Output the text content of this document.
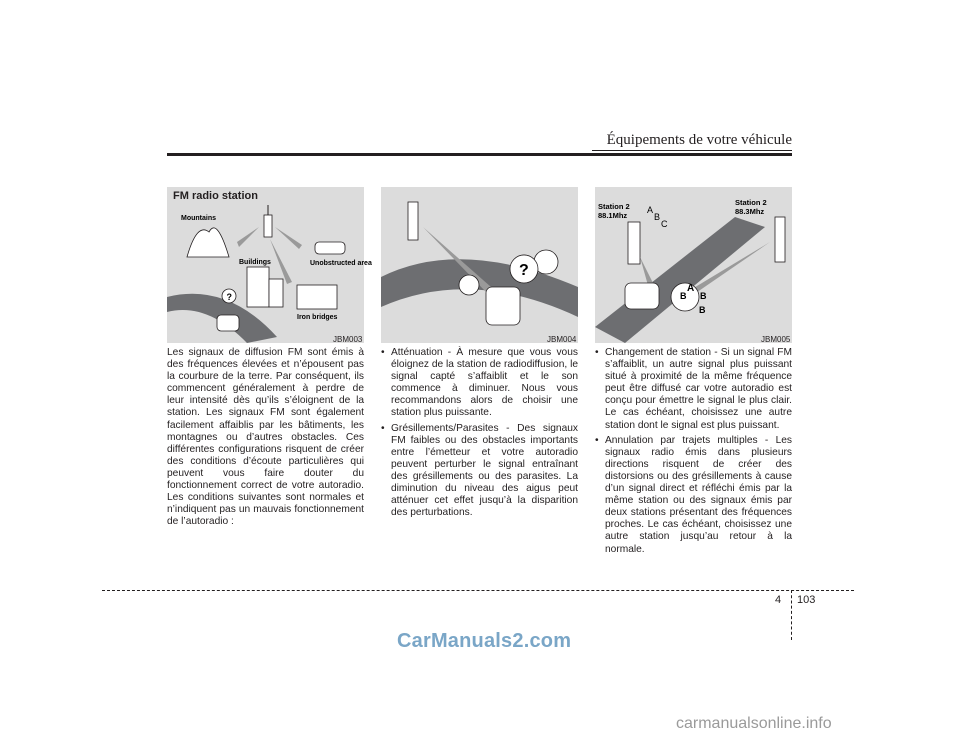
Équipements de votre véhicule
FM radio station
?
Mountains
Buildings	Unobstructed area
Iron bridges
JBM003
?
JBM004
Station 2
88.1Mhz
Station 2
88.3Mhz
A
B
C
A
B B
B
JBM005

Les signaux de diffusion FM sont émis à des fréquences élevées et n’épousent pas la courbure de la terre. Par conséquent, ils commencent généralement à perdre de leur intensité dès qu’ils s’éloignent de la station. Les signaux FM sont également facilement affaiblis par les bâtiments, les montagnes ou d’autres obstacles. Ces différentes configurations risquent de créer des conditions d’écoute particulières qui peuvent vous faire douter du fonctionnement correct de votre autoradio. Les conditions suivantes sont normales et n’indiquent pas un mauvais fonctionnement de l’autoradio :

• Atténuation - À mesure que vous vous éloignez de la station de radiodiffusion, le signal capté s’affaiblit et le son commence à diminuer. Nous vous recommandons alors de choisir une station plus puissante.
• Grésillements/Parasites - Des signaux FM faibles ou des obstacles importants entre l’émetteur et votre autoradio peuvent perturber le signal entraînant des grésillements ou des parasites. La diminution du niveau des aigus peut atténuer cet effet jusqu’à la disparition des perturbations.
• Changement de station - Si un signal FM s’affaiblit, un autre signal plus puissant situé à proximité de la même fréquence peut être diffusé car votre autoradio est conçu pour émettre le signal le plus clair. Le cas échéant, choisissez une autre station dont le signal est plus puissant.
• Annulation par trajets multiples - Les signaux radio émis dans plusieurs directions risquent de créer des distorsions ou des grésillements à cause d’un signal direct et réfléchi émis par la même station ou des signaux émis par deux stations présentant des fréquences proches. Le cas échéant, choisissez une autre station jusqu’au retour à la normale.
4 103
CarManuals2.com
carmanualsonline.info
